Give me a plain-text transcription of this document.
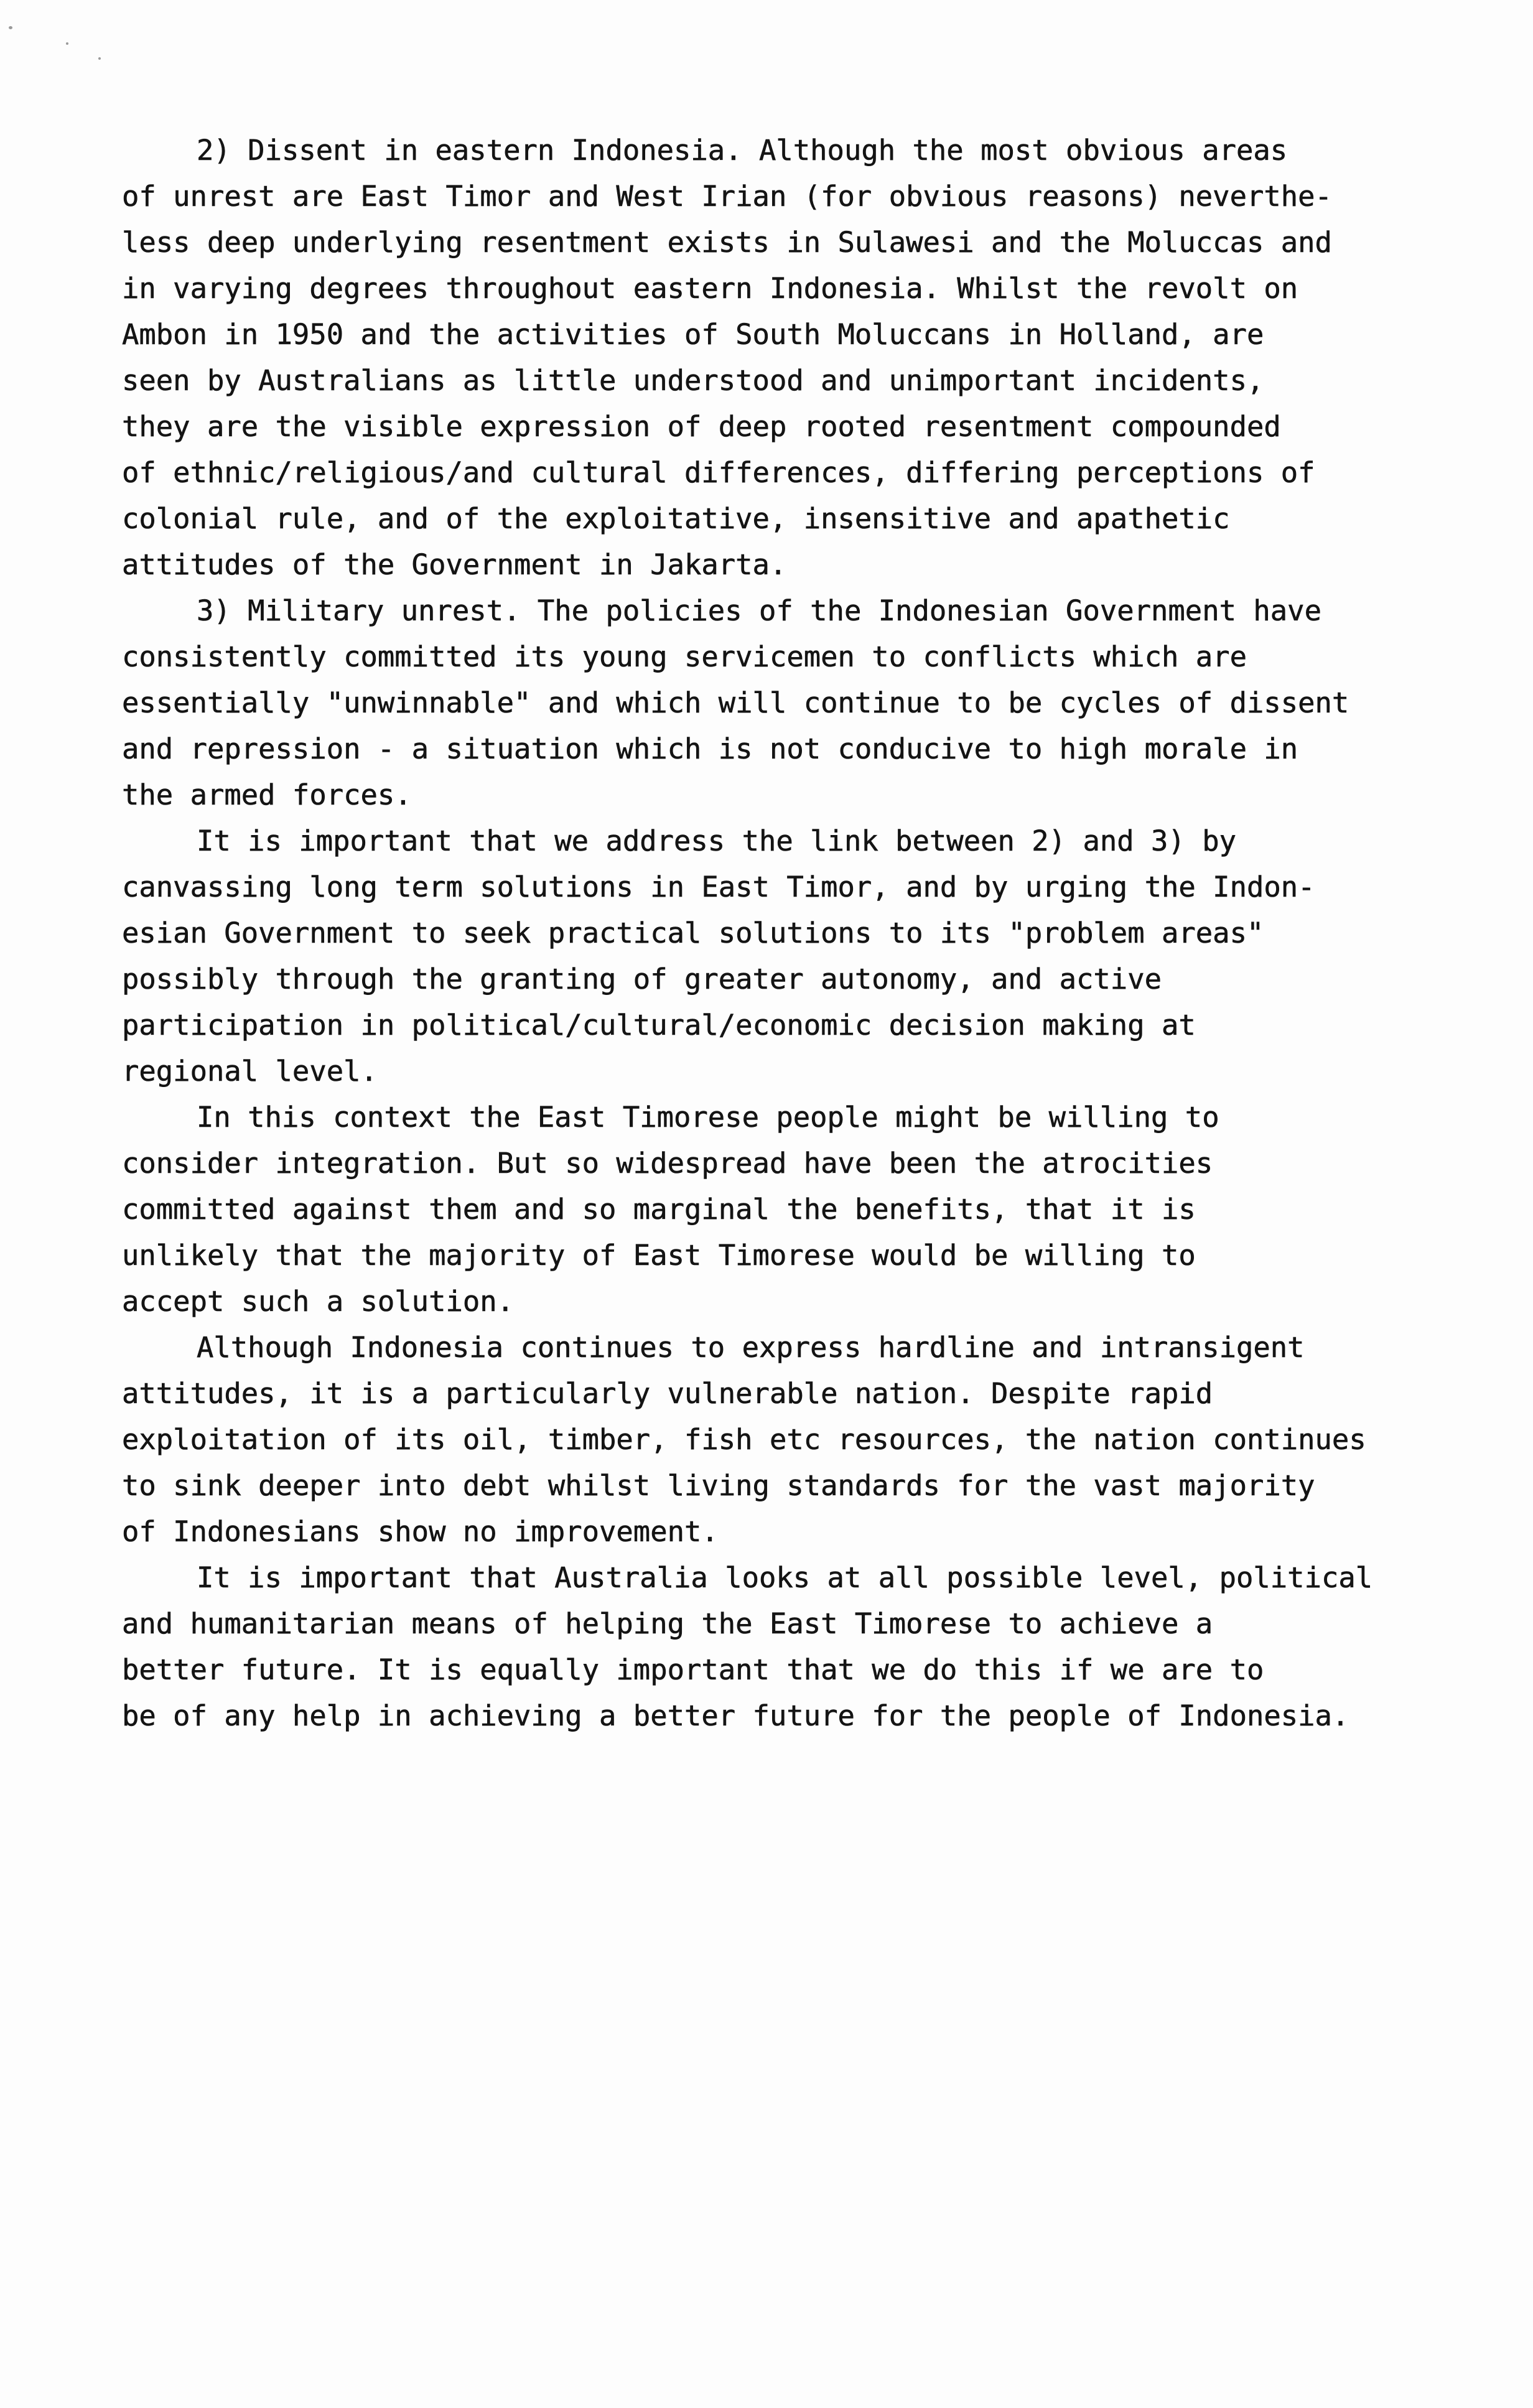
2) Dissent in eastern Indonesia. Although the most obvious areas
of unrest are East Timor and West Irian (for obvious reasons) neverthe-
less deep underlying resentment exists in Sulawesi and the Moluccas and
in varying degrees throughout eastern Indonesia. Whilst the revolt on
Ambon in 1950 and the activities of South Moluccans in Holland, are
seen by Australians as little understood and unimportant incidents,
they are the visible expression of deep rooted resentment compounded
of ethnic/religious/and cultural differences, differing perceptions of
colonial rule, and of the exploitative, insensitive and apathetic
attitudes of the Government in Jakarta.
3) Military unrest. The policies of the Indonesian Government have
consistently committed its young servicemen to conflicts which are
essentially "unwinnable" and which will continue to be cycles of dissent
and repression - a situation which is not conducive to high morale in
the armed forces.
It is important that we address the link between 2) and 3) by
canvassing long term solutions in East Timor, and by urging the Indon-
esian Government to seek practical solutions to its "problem areas"
possibly through the granting of greater autonomy, and active
participation in political/cultural/economic decision making at
regional level.
In this context the East Timorese people might be willing to
consider integration. But so widespread have been the atrocities
committed against them and so marginal the benefits, that it is
unlikely that the majority of East Timorese would be willing to
accept such a solution.
Although Indonesia continues to express hardline and intransigent
attitudes, it is a particularly vulnerable nation. Despite rapid
exploitation of its oil, timber, fish etc resources, the nation continues
to sink deeper into debt whilst living standards for the vast majority
of Indonesians show no improvement.
It is important that Australia looks at all possible level, political
and humanitarian means of helping the East Timorese to achieve a
better future. It is equally important that we do this if we are to
be of any help in achieving a better future for the people of Indonesia.
